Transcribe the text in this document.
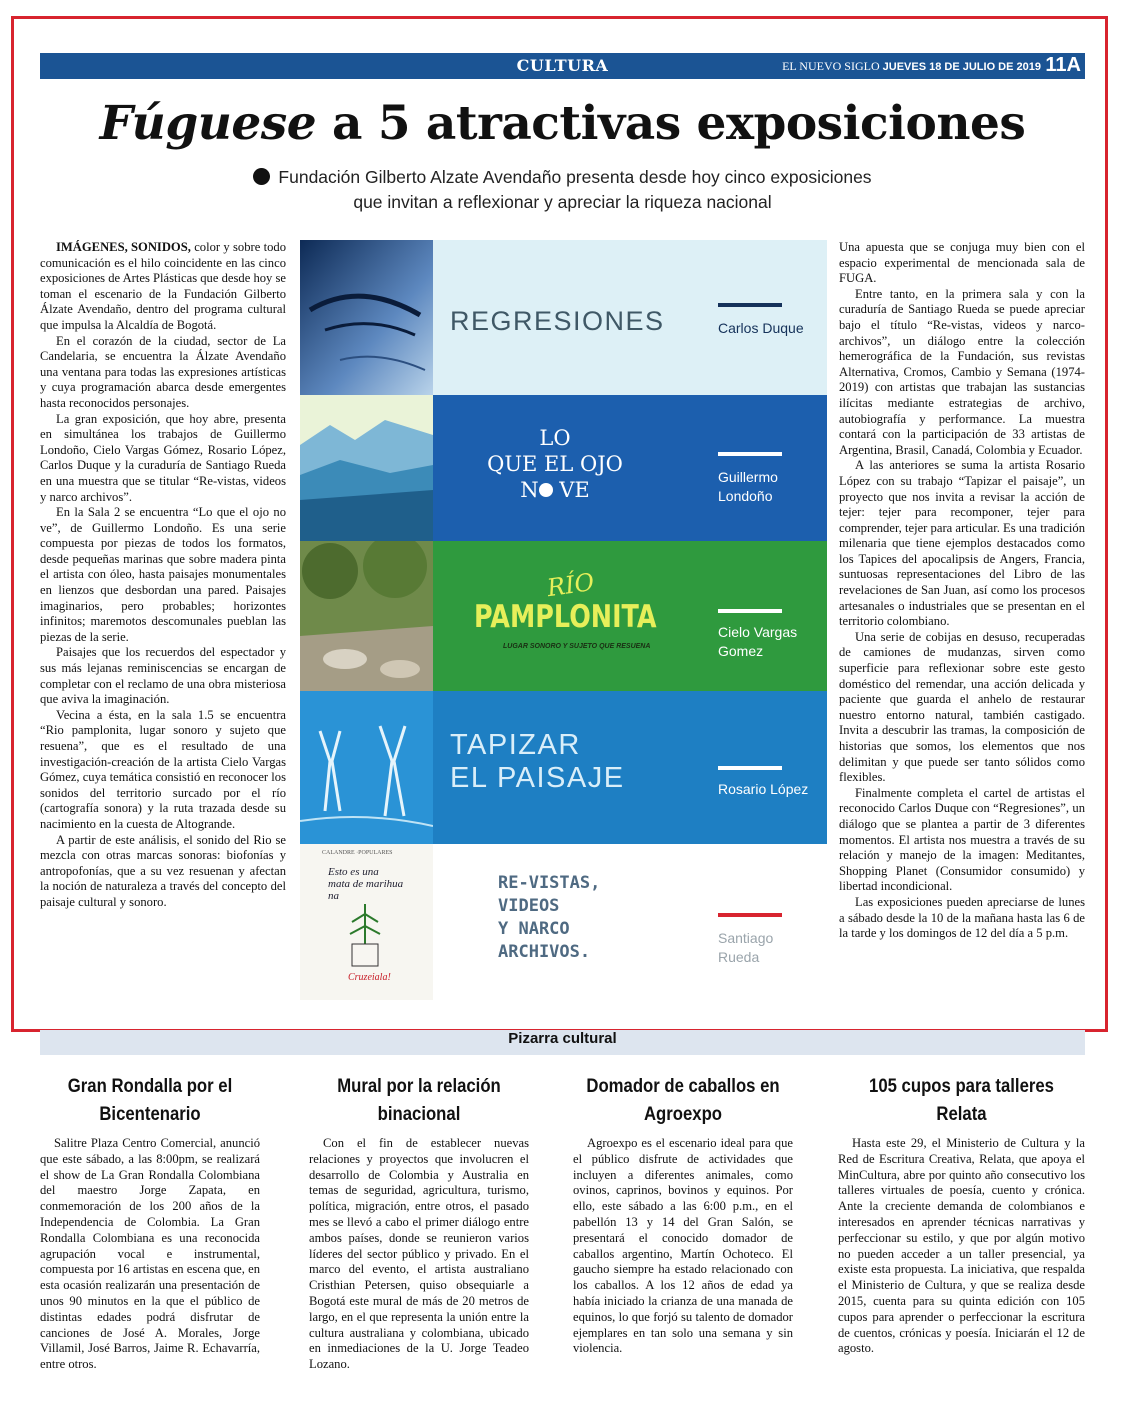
CULTURA	EL NUEVO SIGLO JUEVES 18 DE JULIO DE 2019 11A
Fúguese a 5 atractivas exposiciones
Fundación Gilberto Alzate Avendaño presenta desde hoy cinco exposiciones
que invitan a reflexionar y apreciar la riqueza nacional

IMÁGENES, SONIDOS, color y sobre todo comunicación es el hilo coincidente en las cinco exposiciones de Artes Plásticas que desde hoy se toman el escenario de la Fundación Gilberto Álzate Avendaño, dentro del programa cultural que impulsa la Alcaldía de Bogotá.

En el corazón de la ciudad, sector de La Candelaria, se encuentra la Álzate Avendaño una ventana para todas las expresiones artísticas y cuya programación abarca desde emergentes hasta reconocidos personajes.

La gran exposición, que hoy abre, presenta en simultánea los trabajos de Guillermo Londoño, Cielo Vargas Gómez, Rosario López, Carlos Duque y la curaduría de Santiago Rueda en una muestra que se titular “Re-vistas, videos y narco archivos”.

En la Sala 2 se encuentra “Lo que el ojo no ve”, de Guillermo Londoño. Es una serie compuesta por piezas de todos los formatos, desde pequeñas marinas que sobre madera pinta el artista con óleo, hasta paisajes monumentales en lienzos que desbordan una pared. Paisajes imaginarios, pero probables; horizontes infinitos; maremotos descomunales pueblan las piezas de la serie.

Paisajes que los recuerdos del espectador y sus más lejanas reminiscencias se encargan de completar con el reclamo de una obra misteriosa que aviva la imaginación.

Vecina a ésta, en la sala 1.5 se encuentra “Rio pamplonita, lugar sonoro y sujeto que resuena”, que es el resultado de una investigación-creación de la artista Cielo Vargas Gómez, cuya temática consistió en reconocer los sonidos del territorio surcado por el río (cartografía sonora) y la ruta trazada desde su nacimiento en la cuesta de Altogrande.

A partir de este análisis, el sonido del Rio se mezcla con otras marcas sonoras: biofonías y antropofonías, que a su vez resuenan y afectan la noción de naturaleza a través del concepto del paisaje cultural y sonoro.

REGRESIONES	Carlos Duque
LO
QUE EL OJO
N VE
Guillermo
Londoño
RÍO
PAMPLONITA
LUGAR SONORO Y SUJETO QUE RESUENA
Cielo Vargas
Gomez
TAPIZAR
EL PAISAJE	Rosario López
CALANDRE ·POPULARES
Esto es una
mata de marihua
na
Cruzeiala!
RE-VISTAS,
VIDEOS
Y NARCO
ARCHIVOS.
Santiago
Rueda

Una apuesta que se conjuga muy bien con el espacio experimental de mencionada sala de FUGA.

Entre tanto, en la primera sala y con la curaduría de Santiago Rueda se puede apreciar bajo el título “Re-vistas, videos y narco-archivos”, un diálogo entre la colección hemerográfica de la Fundación, sus revistas Alternativa, Cromos, Cambio y Semana (1974-2019) con artistas que trabajan las sustancias ilícitas mediante estrategias de archivo, autobiografía y performance. La muestra contará con la participación de 33 artistas de Argentina, Brasil, Canadá, Colombia y Ecuador.

A las anteriores se suma la artista Rosario López con su trabajo “Tapizar el paisaje”, un proyecto que nos invita a revisar la acción de tejer: tejer para recomponer, tejer para comprender, tejer para articular. Es una tradición milenaria que tiene ejemplos destacados como los Tapices del apocalipsis de Angers, Francia, suntuosas representaciones del Libro de las revelaciones de San Juan, así como los procesos artesanales o industriales que se presentan en el territorio colombiano.

Una serie de cobijas en desuso, recuperadas de camiones de mudanzas, sirven como superficie para reflexionar sobre este gesto doméstico del remendar, una acción delicada y paciente que guarda el anhelo de restaurar nuestro entorno natural, también castigado. Invita a descubrir las tramas, la composición de historias que somos, los elementos que nos delimitan y que puede ser tanto sólidos como flexibles.

Finalmente completa el cartel de artistas el reconocido Carlos Duque con “Regresiones”, un diálogo que se plantea a partir de 3 diferentes momentos. El artista nos muestra a través de su relación y manejo de la imagen: Meditantes, Shopping Planet (Consumidor consumido) y libertad incondicional.

Las exposiciones pueden apreciarse de lunes a sábado desde la 10 de la mañana hasta las 6 de la tarde y los domingos de 12 del día a 5 p.m.

Pizarra cultural
Gran Rondalla por el Bicentenario

Salitre Plaza Centro Comercial, anunció que este sábado, a las 8:00pm, se realizará el show de La Gran Rondalla Colombiana del maestro Jorge Zapata, en conmemoración de los 200 años de la Independencia de Colombia. La Gran Rondalla Colombiana es una reconocida agrupación vocal e instrumental, compuesta por 16 artistas en escena que, en esta ocasión realizarán una presentación de unos 90 minutos en la que el público de distintas edades podrá disfrutar de canciones de José A. Morales, Jorge Villamil, José Barros, Jaime R. Echavarría, entre otros.

Mural por la relación binacional

Con el fin de establecer nuevas relaciones y proyectos que involucren el desarrollo de Colombia y Australia en temas de seguridad, agricultura, turismo, política, migración, entre otros, el pasado mes se llevó a cabo el primer diálogo entre ambos países, donde se reunieron varios líderes del sector público y privado. En el marco del evento, el artista australiano Cristhian Petersen, quiso obsequiarle a Bogotá este mural de más de 20 metros de largo, en el que representa la unión entre la cultura australiana y colombiana, ubicado en inmediaciones de la U. Jorge Teadeo Lozano.

Domador de caballos en Agroexpo

Agroexpo es el escenario ideal para que el público disfrute de actividades que incluyen a diferentes animales, como ovinos, caprinos, bovinos y equinos. Por ello, este sábado a las 6:00 p.m., en el pabellón 13 y 14 del Gran Salón, se presentará el conocido domador de caballos argentino, Martín Ochoteco. El gaucho siempre ha estado relacionado con los caballos. A los 12 años de edad ya había iniciado la crianza de una manada de equinos, lo que forjó su talento de domador ejemplares en tan solo una semana y sin violencia.

105 cupos para talleres Relata

Hasta este 29, el Ministerio de Cultura y la Red de Escritura Creativa, Relata, que apoya el MinCultura, abre por quinto año consecutivo los talleres virtuales de poesía, cuento y crónica. Ante la creciente demanda de colombianos e interesados en aprender técnicas narrativas y perfeccionar su estilo, y que por algún motivo no pueden acceder a un taller presencial, ya existe esta propuesta. La iniciativa, que respalda el Ministerio de Cultura, y que se realiza desde 2015, cuenta para su quinta edición con 105 cupos para aprender o perfeccionar la escritura de cuentos, crónicas y poesía. Iniciarán el 12 de agosto.
